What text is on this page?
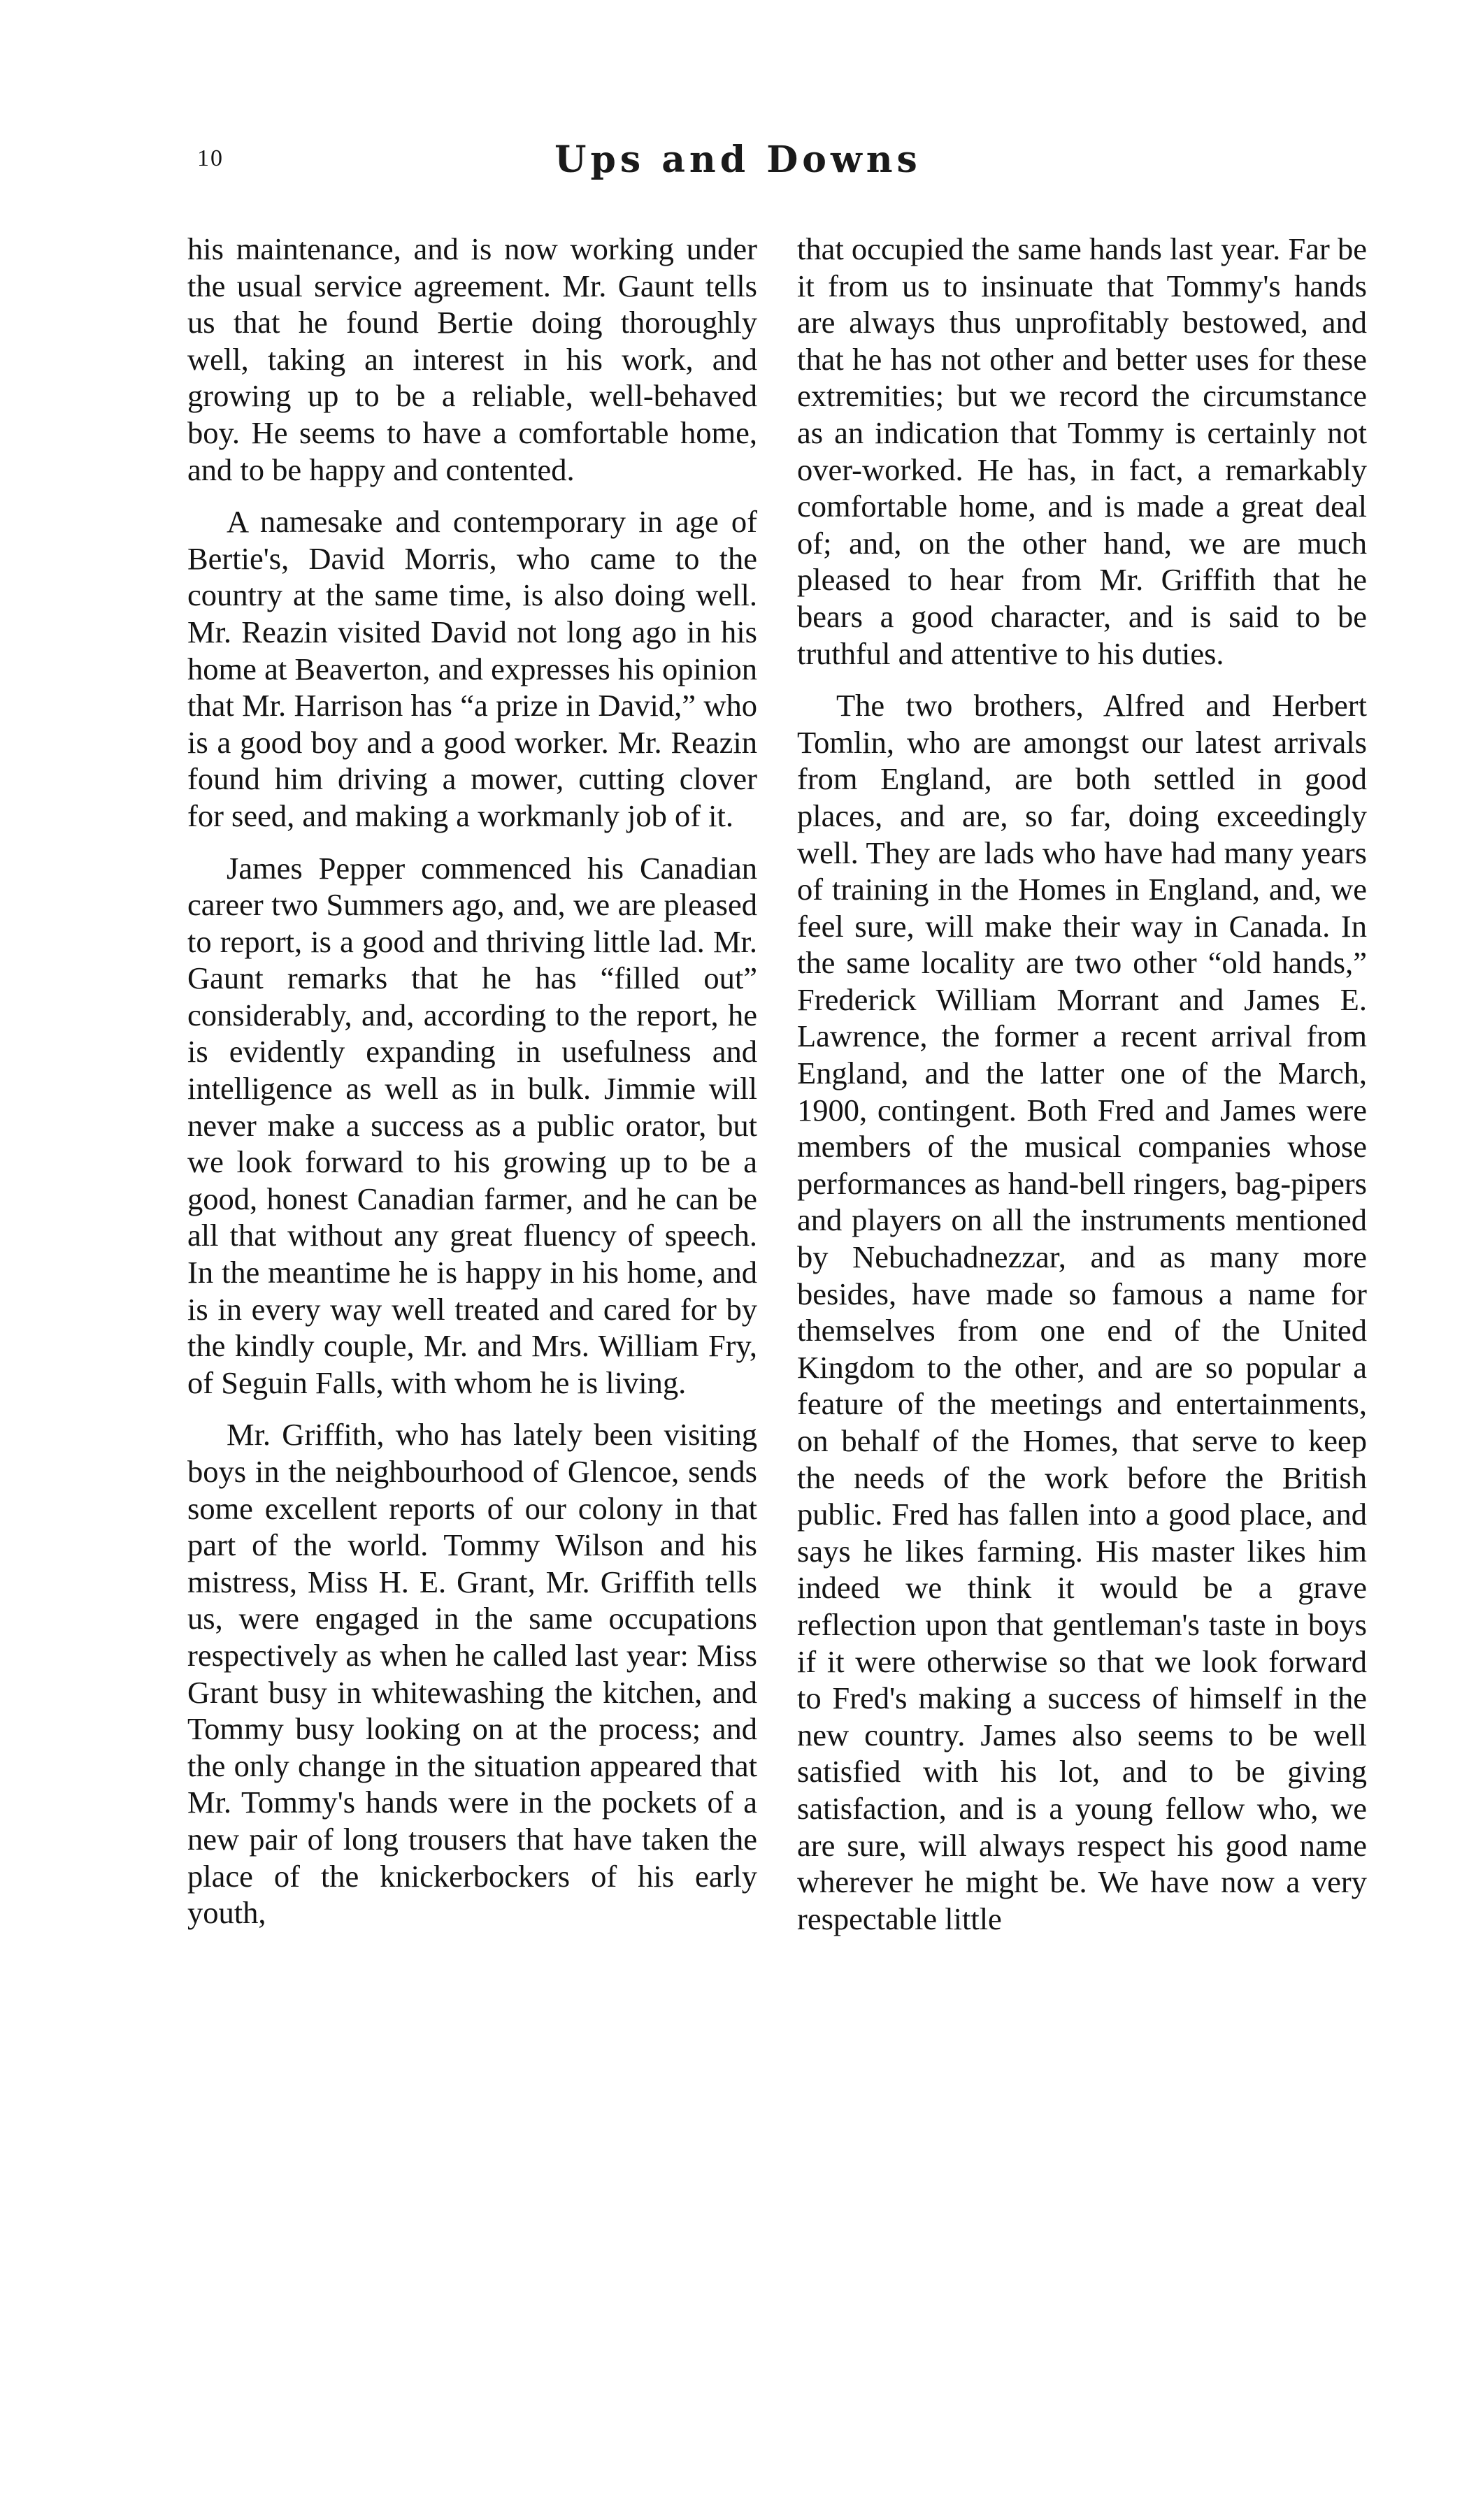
10	Ups and Downs

his maintenance, and is now working under the usual service agreement. Mr. Gaunt tells us that he found Bertie doing thoroughly well, taking an interest in his work, and growing up to be a reliable, well-behaved boy. He seems to have a comfortable home, and to be happy and contented.

A namesake and contemporary in age of Bertie's, David Morris, who came to the country at the same time, is also doing well. Mr. Reazin visited David not long ago in his home at Beaverton, and expresses his opinion that Mr. Harrison has “a prize in David,” who is a good boy and a good worker. Mr. Reazin found him driving a mower, cutting clover for seed, and making a workmanly job of it.

James Pepper commenced his Canadian career two Summers ago, and, we are pleased to report, is a good and thriving little lad. Mr. Gaunt remarks that he has “filled out” considerably, and, according to the report, he is evidently expanding in usefulness and intelligence as well as in bulk. Jimmie will never make a success as a public orator, but we look forward to his growing up to be a good, honest Canadian farmer, and he can be all that without any great fluency of speech. In the meantime he is happy in his home, and is in every way well treated and cared for by the kindly couple, Mr. and Mrs. William Fry, of Seguin Falls, with whom he is living.

Mr. Griffith, who has lately been visiting boys in the neighbourhood of Glencoe, sends some excellent reports of our colony in that part of the world. Tommy Wilson and his mistress, Miss H. E. Grant, Mr. Griffith tells us, were engaged in the same occupations respectively as when he called last year: Miss Grant busy in whitewashing the kitchen, and Tommy busy looking on at the process; and the only change in the situation appeared that Mr. Tommy's hands were in the pockets of a new pair of long trousers that have taken the place of the knickerbockers of his early youth,

that occupied the same hands last year. Far be it from us to insinuate that Tommy's hands are always thus unprofitably bestowed, and that he has not other and better uses for these extremities; but we record the circumstance as an indication that Tommy is certainly not over-worked. He has, in fact, a remarkably comfortable home, and is made a great deal of; and, on the other hand, we are much pleased to hear from Mr. Griffith that he bears a good character, and is said to be truthful and attentive to his duties.

The two brothers, Alfred and Herbert Tomlin, who are amongst our latest arrivals from England, are both settled in good places, and are, so far, doing exceedingly well. They are lads who have had many years of training in the Homes in England, and, we feel sure, will make their way in Canada. In the same locality are two other “old hands,” Frederick William Morrant and James E. Lawrence, the former a recent arrival from England, and the latter one of the March, 1900, contingent. Both Fred and James were members of the musical companies whose performances as hand-bell ringers, bag-pipers and players on all the instruments mentioned by Nebuchadnezzar, and as many more besides, have made so famous a name for themselves from one end of the United Kingdom to the other, and are so popular a feature of the meetings and entertainments, on behalf of the Homes, that serve to keep the needs of the work before the British public. Fred has fallen into a good place, and says he likes farming. His master likes him indeed we think it would be a grave reflection upon that gentleman's taste in boys if it were otherwise so that we look forward to Fred's making a success of himself in the new country. James also seems to be well satisfied with his lot, and to be giving satisfaction, and is a young fellow who, we are sure, will always respect his good name wherever he might be. We have now a very respectable little
